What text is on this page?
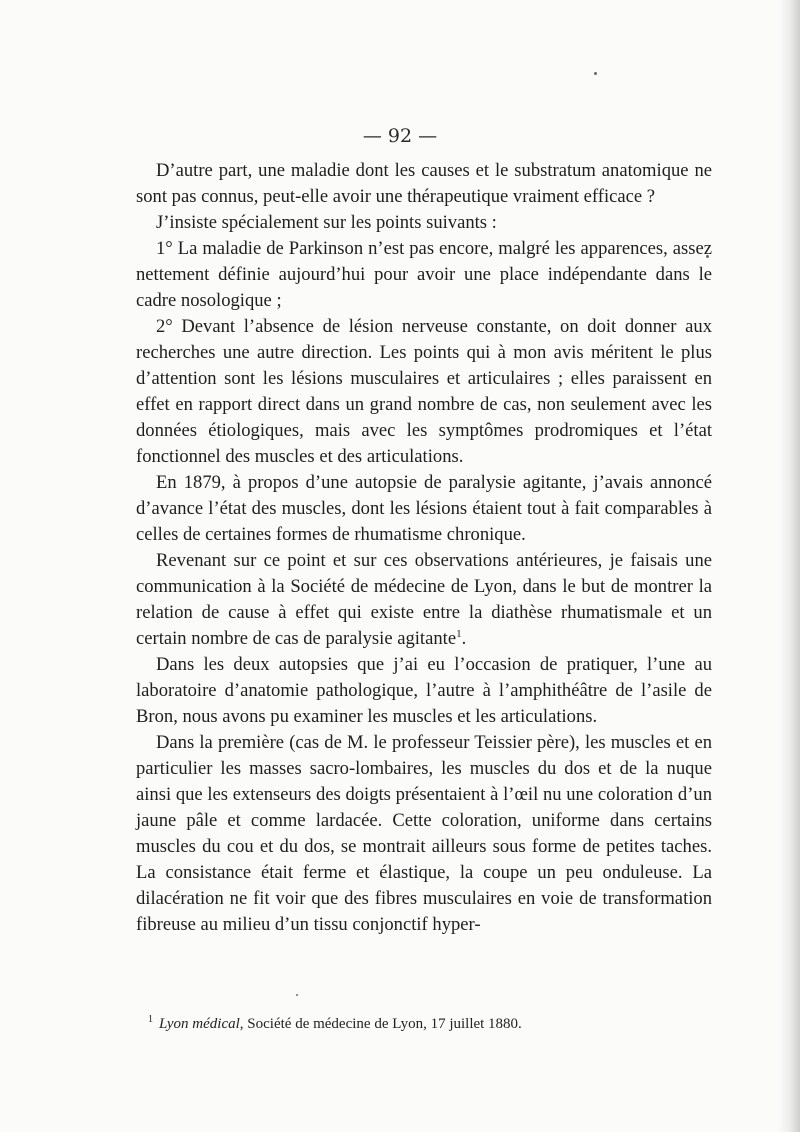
— 92 —

D’autre part, une maladie dont les causes et le substratum anatomique ne sont pas connus, peut-elle avoir une thérapeutique vraiment efficace ?

J’insiste spécialement sur les points suivants :

1° La maladie de Parkinson n’est pas encore, malgré les apparences, assez nettement définie aujourd’hui pour avoir une place indépendante dans le cadre nosologique ;

2° Devant l’absence de lésion nerveuse constante, on doit donner aux recherches une autre direction. Les points qui à mon avis méritent le plus d’attention sont les lésions musculaires et articulaires ; elles paraissent en effet en rapport direct dans un grand nombre de cas, non seulement avec les données étiologiques, mais avec les symptômes prodromiques et l’état fonctionnel des muscles et des articulations.

En 1879, à propos d’une autopsie de paralysie agitante, j’avais annoncé d’avance l’état des muscles, dont les lésions étaient tout à fait comparables à celles de certaines formes de rhumatisme chronique.

Revenant sur ce point et sur ces observations antérieures, je faisais une communication à la Société de médecine de Lyon, dans le but de montrer la relation de cause à effet qui existe entre la diathèse rhumatismale et un certain nombre de cas de paralysie agitante$^1$.

Dans les deux autopsies que j’ai eu l’occasion de pratiquer, l’une au laboratoire d’anatomie pathologique, l’autre à l’amphithéâtre de l’asile de Bron, nous avons pu examiner les muscles et les articulations.

Dans la première (cas de M. le professeur Teissier père), les muscles et en particulier les masses sacro-lombaires, les muscles du dos et de la nuque ainsi que les extenseurs des doigts présentaient à l’œil nu une coloration d’un jaune pâle et comme lardacée. Cette coloration, uniforme dans certains muscles du cou et du dos, se montrait ailleurs sous forme de petites taches. La consistance était ferme et élastique, la coupe un peu onduleuse. La dilacération ne fit voir que des fibres musculaires en voie de transformation fibreuse au milieu d’un tissu conjonctif hyper-

$^1$ Lyon médical, Société de médecine de Lyon, 17 juillet 1880.
